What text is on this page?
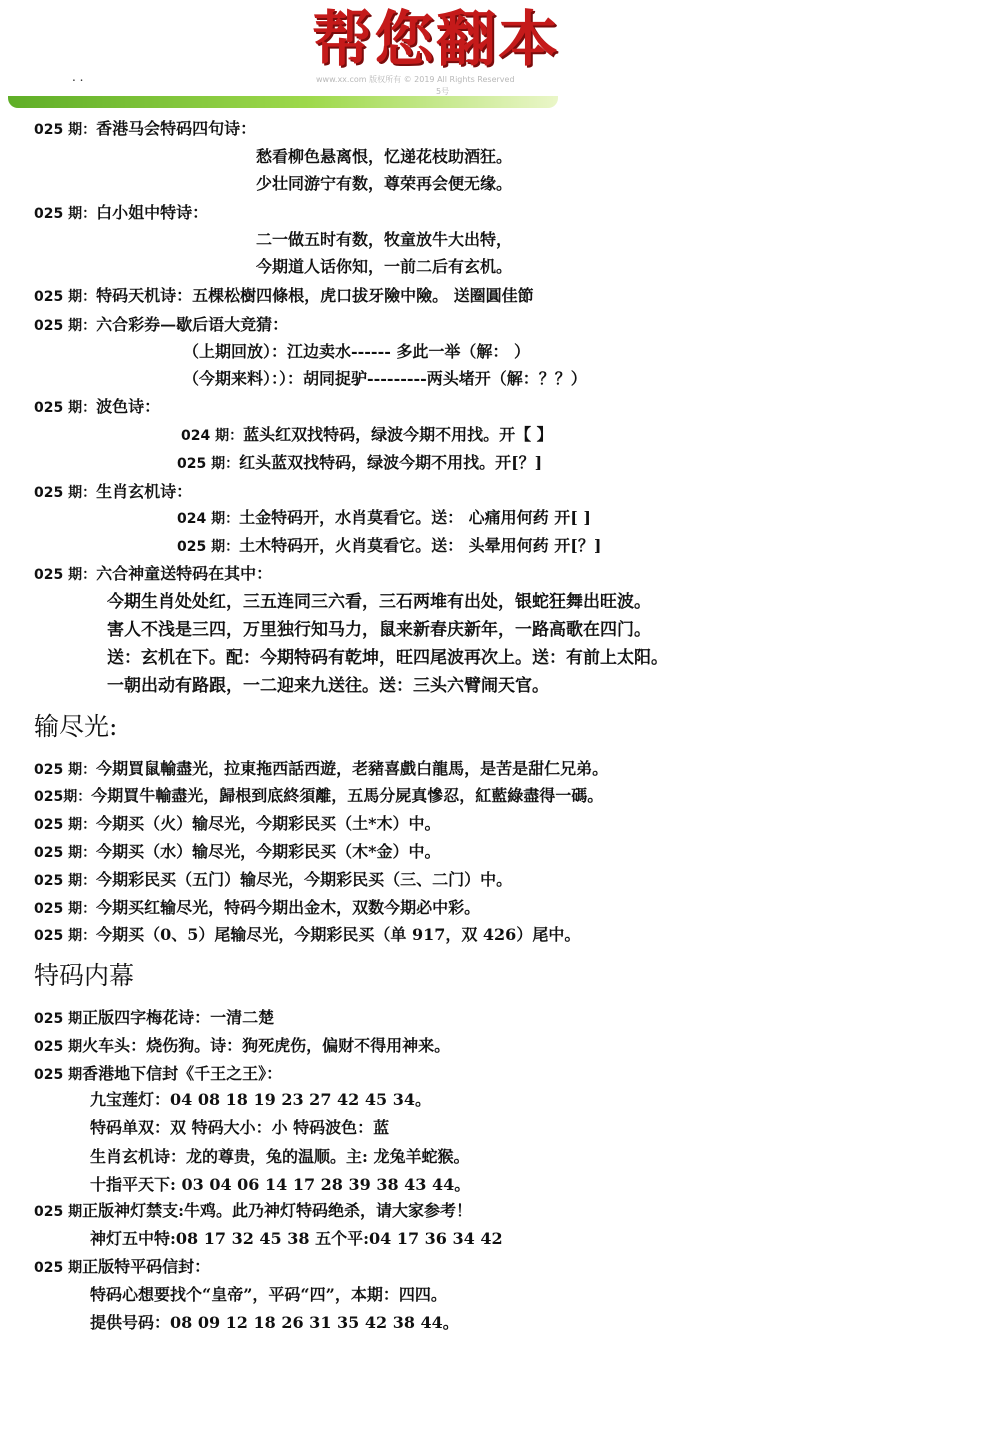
帮您翻本
www.xx.com 版权所有 © 2019 All Rights Reserved
5号
. .
025 期：香港马会特码四句诗：
愁看柳色悬离恨，忆递花枝助酒狂。
少壮同游宁有数，尊荣再会便无缘。
025 期：白小姐中特诗：
二一做五时有数，牧童放牛大出特，
今期道人话你知，一前二后有玄机。
025 期：特码天机诗：五棵松樹四條根，虎口拔牙險中險。 送圈圓佳節
025 期：六合彩券—歇后语大竞猜：
（上期回放）：江边卖水------ 多此一举（解： ）
（今期来料）：）：胡同捉驴---------两头堵开（解：？？）
025 期：波色诗：
024 期：蓝头红双找特码，绿波今期不用找。开【 】
025 期：红头蓝双找特码，绿波今期不用找。开[？]
025 期：生肖玄机诗：
024 期：土金特码开，水肖莫看它。送： 心痛用何药 开[ ]
025 期：土木特码开，火肖莫看它。送： 头晕用何药 开[？]
025 期：六合神童送特码在其中：
今期生肖处处红，三五连同三六看，三石两堆有出处，银蛇狂舞出旺波。
害人不浅是三四，万里独行知马力，鼠来新春庆新年，一路高歌在四门。
送：玄机在下。配：今期特码有乾坤，旺四尾波再次上。送：有前上太阳。
一朝出动有路跟，一二迎来九送往。送：三头六臂闹天官。
输尽光:
025 期：今期買鼠輸盡光，拉東拖西話西遊，老豬喜戲白龍馬，是苦是甜仁兄弟。
025期：今期買牛輸盡光，歸根到底終須離，五馬分屍真慘忍，紅藍綠盡得一碼。
025 期：今期买（火）输尽光，今期彩民买（土*木）中。
025 期：今期买（水）输尽光，今期彩民买（木*金）中。
025 期：今期彩民买（五门）输尽光，今期彩民买（三、二门）中。
025 期：今期买红输尽光，特码今期出金木，双数今期必中彩。
025 期：今期买（0、5）尾输尽光，今期彩民买（单 917，双 426）尾中。
特码内幕
025 期正版四字梅花诗：一清二楚
025 期火车头：烧伤狗。诗：狗死虎伤，偏财不得用神来。
025 期香港地下信封《千王之王》：
九宝莲灯：04 08 18 19 23 27 42 45 34。
特码单双：双 特码大小：小 特码波色：蓝
生肖玄机诗：龙的尊贵，兔的温顺。主: 龙兔羊蛇猴。
十指平天下: 03 04 06 14 17 28 39 38 43 44。
025 期正版神灯禁支:牛鸡。此乃神灯特码绝杀，请大家参考！
神灯五中特:08 17 32 45 38 五个平:04 17 36 34 42
025 期正版特平码信封：
特码心想要找个“皇帝”，平码“四”，本期：四四。
提供号码：08 09 12 18 26 31 35 42 38 44。
